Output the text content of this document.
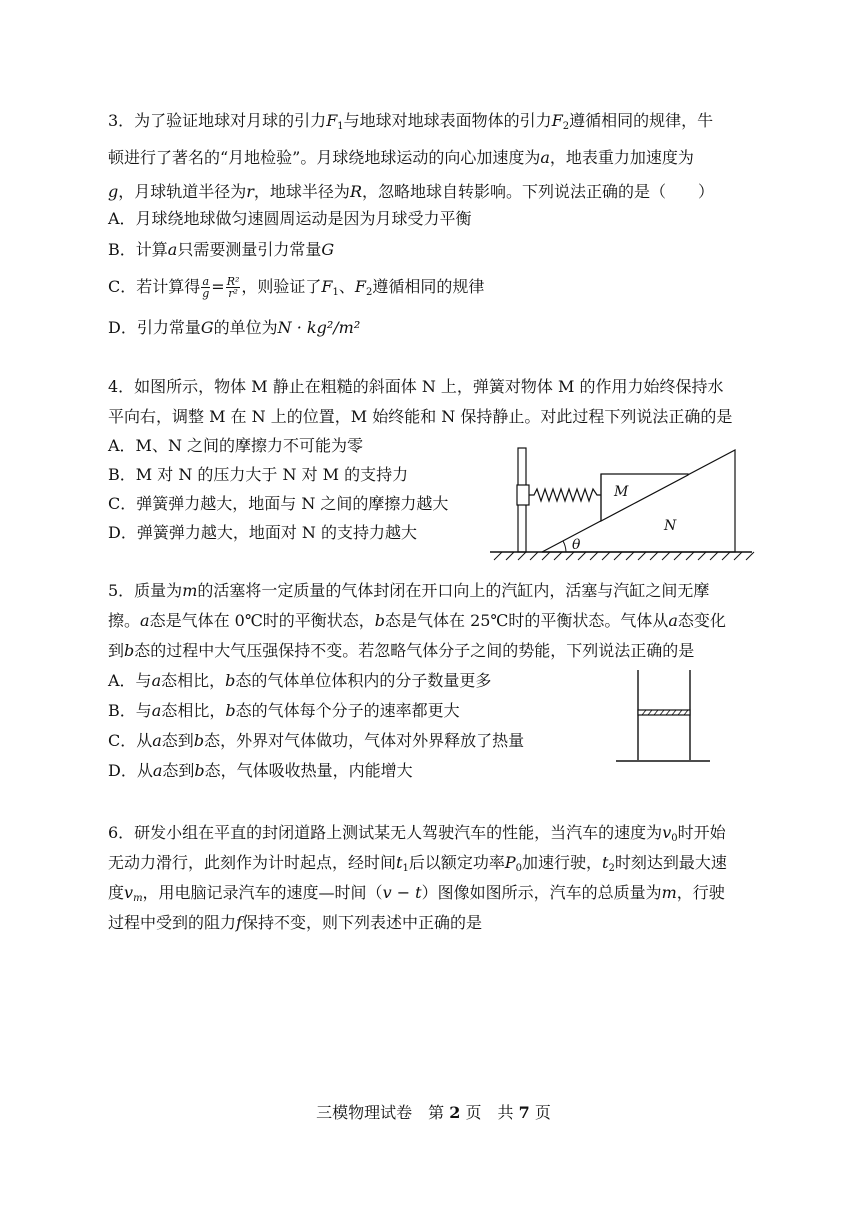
3．为了验证地球对月球的引力$F_1$与地球对地球表面物体的引力$F_2$遵循相同的规律，牛
顿进行了著名的“月地检验”。月球绕地球运动的向心加速度为a，地表重力加速度为
g，月球轨道半径为r，地球半径为R，忽略地球自转影响。下列说法正确的是（　　）
A．月球绕地球做匀速圆周运动是因为月球受力平衡
B．计算a只需要测量引力常量G
C．若计算得 $\frac{a}{g} = \frac{\text{R²}}{\text{r²}}$ ，则验证了$F_1$、$F_2$遵循相同的规律
D．引力常量G的单位为N · kg²/m²
4．如图所示，物体 M 静止在粗糙的斜面体 N 上，弹簧对物体 M 的作用力始终保持水
平向右，调整 M 在 N 上的位置，M 始终能和 N 保持静止。对此过程下列说法正确的是
A．M、N 之间的摩擦力不可能为零
B．M 对 N 的压力大于 N 对 M 的支持力
C．弹簧弹力越大，地面与 N 之间的摩擦力越大
D．弹簧弹力越大，地面对 N 的支持力越大
θ
M
N
5．质量为m的活塞将一定质量的气体封闭在开口向上的汽缸内，活塞与汽缸之间无摩
擦。a态是气体在 0℃时的平衡状态，b态是气体在 25℃时的平衡状态。气体从a态变化
到b态的过程中大气压强保持不变。若忽略气体分子之间的势能，下列说法正确的是
A．与a态相比，b态的气体单位体积内的分子数量更多
B．与a态相比，b态的气体每个分子的速率都更大
C．从a态到b态，外界对气体做功，气体对外界释放了热量
D．从a态到b态，气体吸收热量，内能增大
6．研发小组在平直的封闭道路上测试某无人驾驶汽车的性能，当汽车的速度为$v_0$时开始
无动力滑行，此刻作为计时起点，经时间$t_1$后以额定功率$P_0$加速行驶，$t_2$时刻达到最大速
度$v_m$，用电脑记录汽车的速度—时间（v − t）图像如图所示，汽车的总质量为m，行驶
过程中受到的阻力f保持不变，则下列表述中正确的是
三模物理试卷　第 2 页　共 7 页
